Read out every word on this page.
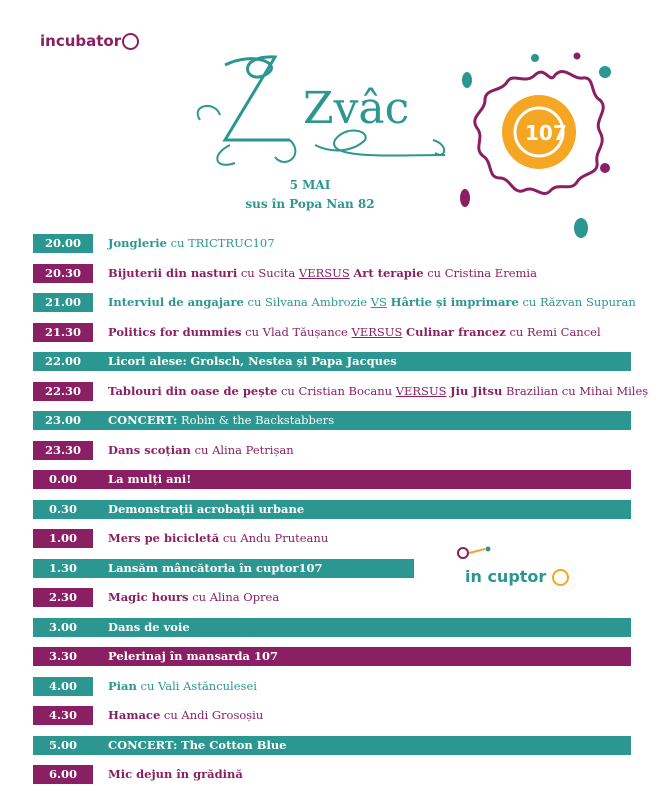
incubator
Zvâc
5 MAI
sus în Popa Nan 82
107
in cuptor
20.00	Jonglerie cu TRICTRUC107
20.30	Bijuterii din nasturi cu Sucita VERSUS Art terapie cu Cristina Eremia
21.00	Interviul de angajare cu Silvana Ambrozie VS Hârtie și imprimare cu Răzvan Supuran
21.30	Politics for dummies cu Vlad Tăușance VERSUS Culinar francez cu Remi Cancel
22.00	Licori alese: Grolsch, Nestea și Papa Jacques
22.30	Tablouri din oase de pește cu Cristian Bocanu VERSUS Jiu Jitsu Brazilian cu Mihai Mileș
23.00	CONCERT: Robin & the Backstabbers
23.30	Dans scoțian cu Alina Petrișan
0.00	La mulți ani!
0.30	Demonstrații acrobații urbane
1.00	Mers pe bicicletă cu Andu Pruteanu
1.30	Lansăm mâncătoria în cuptor107
2.30	Magic hours cu Alina Oprea
3.00	Dans de voie
3.30	Pelerinaj în mansarda 107
4.00	Pian cu Vali Astănculesei
4.30	Hamace cu Andi Grosoșiu
5.00	CONCERT: The Cotton Blue
6.00	Mic dejun în grădină
